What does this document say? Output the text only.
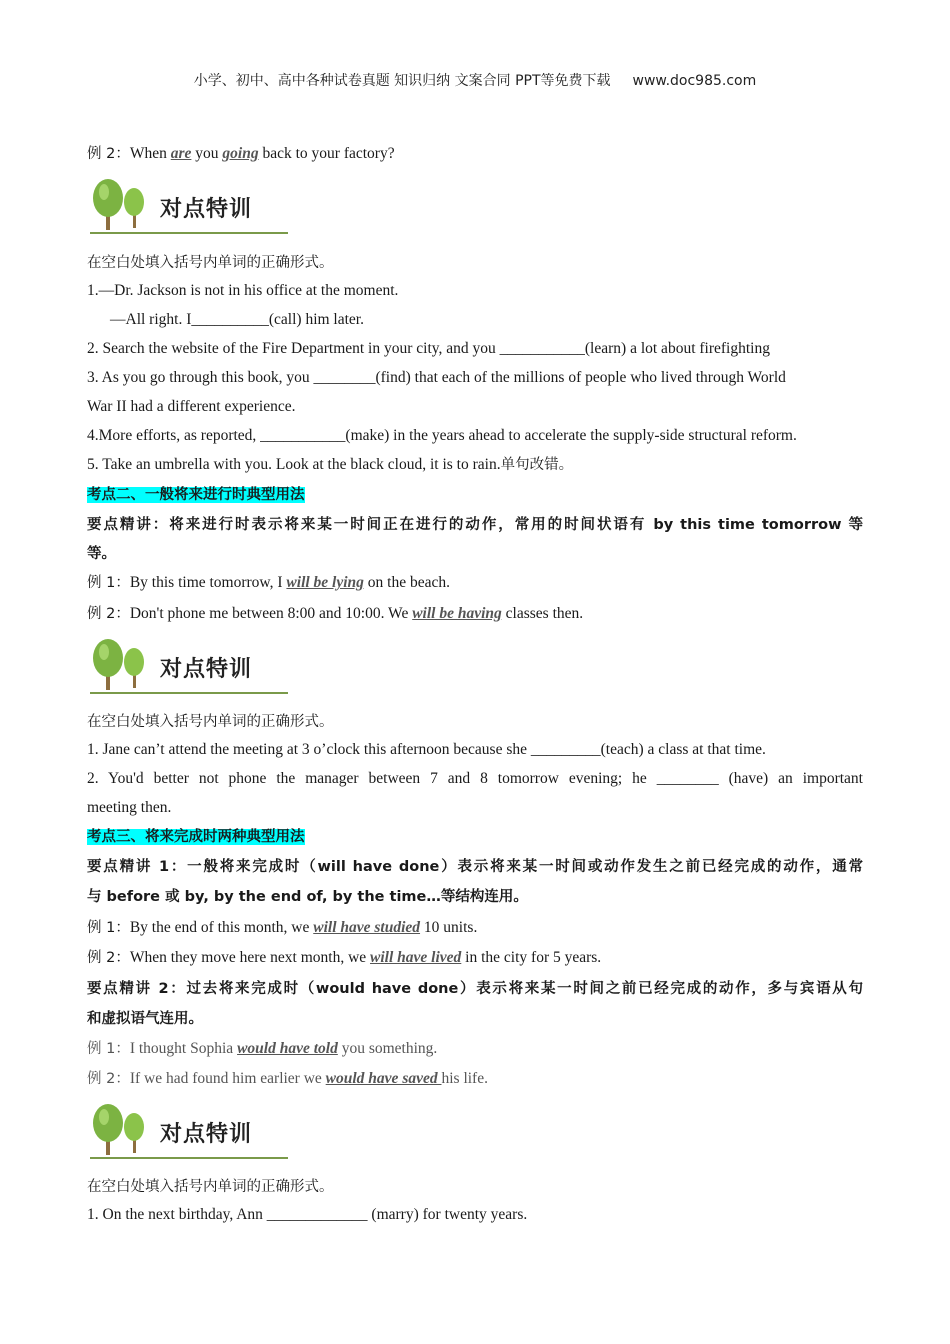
小学、初中、高中各种试卷真题 知识归纳 文案合同 PPT等免费下载 www.doc985.com
例 2：When are you going back to your factory?
对点特训
在空白处填入括号内单词的正确形式。
1.—Dr. Jackson is not in his office at the moment.
—All right. I__________(call) him later.
2. Search the website of the Fire Department in your city, and you ___________(learn) a lot about firefighting
3. As you go through this book, you ________(find) that each of the millions of people who lived through World
War II had a different experience.
4.More efforts, as reported, ___________(make) in the years ahead to accelerate the supply-side structural reform.
5. Take an umbrella with you. Look at the black cloud, it is to rain.单句改错。
考点二、一般将来进行时典型用法
要点精讲：将来进行时表示将来某一时间正在进行的动作，常用的时间状语有 by this time tomorrow 等
等。
例 1：By this time tomorrow, I will be lying on the beach.
例 2：Don't phone me between 8:00 and 10:00. We will be having classes then.
对点特训
在空白处填入括号内单词的正确形式。
1. Jane can’t attend the meeting at 3 o’clock this afternoon because she _________(teach) a class at that time.
2. You'd better not phone the manager between 7 and 8 tomorrow evening; he ________ (have) an important
meeting then.
考点三、将来完成时两种典型用法
要点精讲 1：一般将来完成时（will have done）表示将来某一时间或动作发生之前已经完成的动作，通常
与 before 或 by, by the end of, by the time…等结构连用。
例 1：By the end of this month, we will have studied 10 units.
例 2：When they move here next month, we will have lived in the city for 5 years.
要点精讲 2：过去将来完成时（would have done）表示将来某一时间之前已经完成的动作，多与宾语从句
和虚拟语气连用。
例 1：I thought Sophia would have told you something.
例 2：If we had found him earlier we would have saved his life.
对点特训
在空白处填入括号内单词的正确形式。
1. On the next birthday, Ann _____________ (marry) for twenty years.
